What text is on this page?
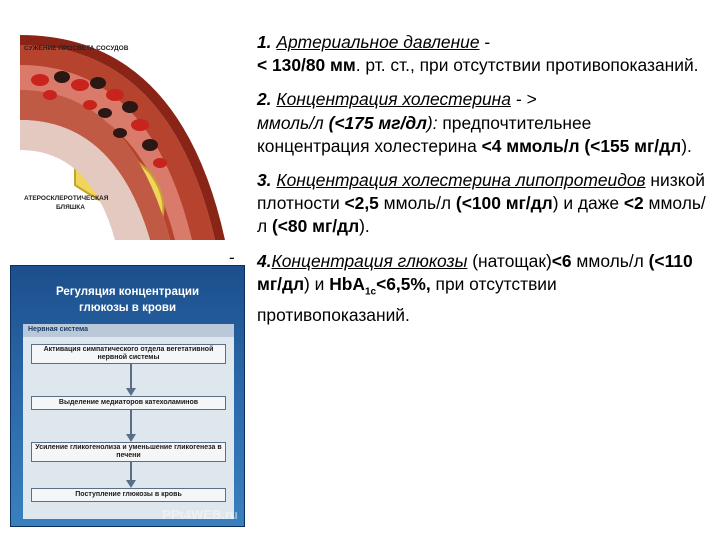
СУЖЕНИЕ ПРОСВЕТА СОСУДОВ
АТЕРОСКЛЕРОТИЧЕСКАЯ
БЛЯШКА
Регуляция концентрации
глюкозы в крови
Нервная система
Активация симпатического отдела вегетативной нервной системы
Выделение медиаторов катехоламинов
Усиление гликогенолиза и уменьшение гликогенеза в печени
Поступление глюкозы в кровь
PPt4WEB.ru
-
1. Артериальное давление -
< 130/80 мм. рт. ст., при отсутствии противопоказаний.
2. Концентрация холестерина - >
ммоль/л (<175 мг/дл): предпочтительнее концентрация холестерина <4 ммоль/л (<155 мг/дл).
3. Концентрация холестерина липопротеидов низкой плотности <2,5 ммоль/л (<100 мг/дл) и даже <2 ммоль/л (<80 мг/дл).
4.Концентрация глюкозы (натощак)<6 ммоль/л (<110 мг/дл) и HbA$_{1c}$<6,5%, при отсутствии противопоказаний.
